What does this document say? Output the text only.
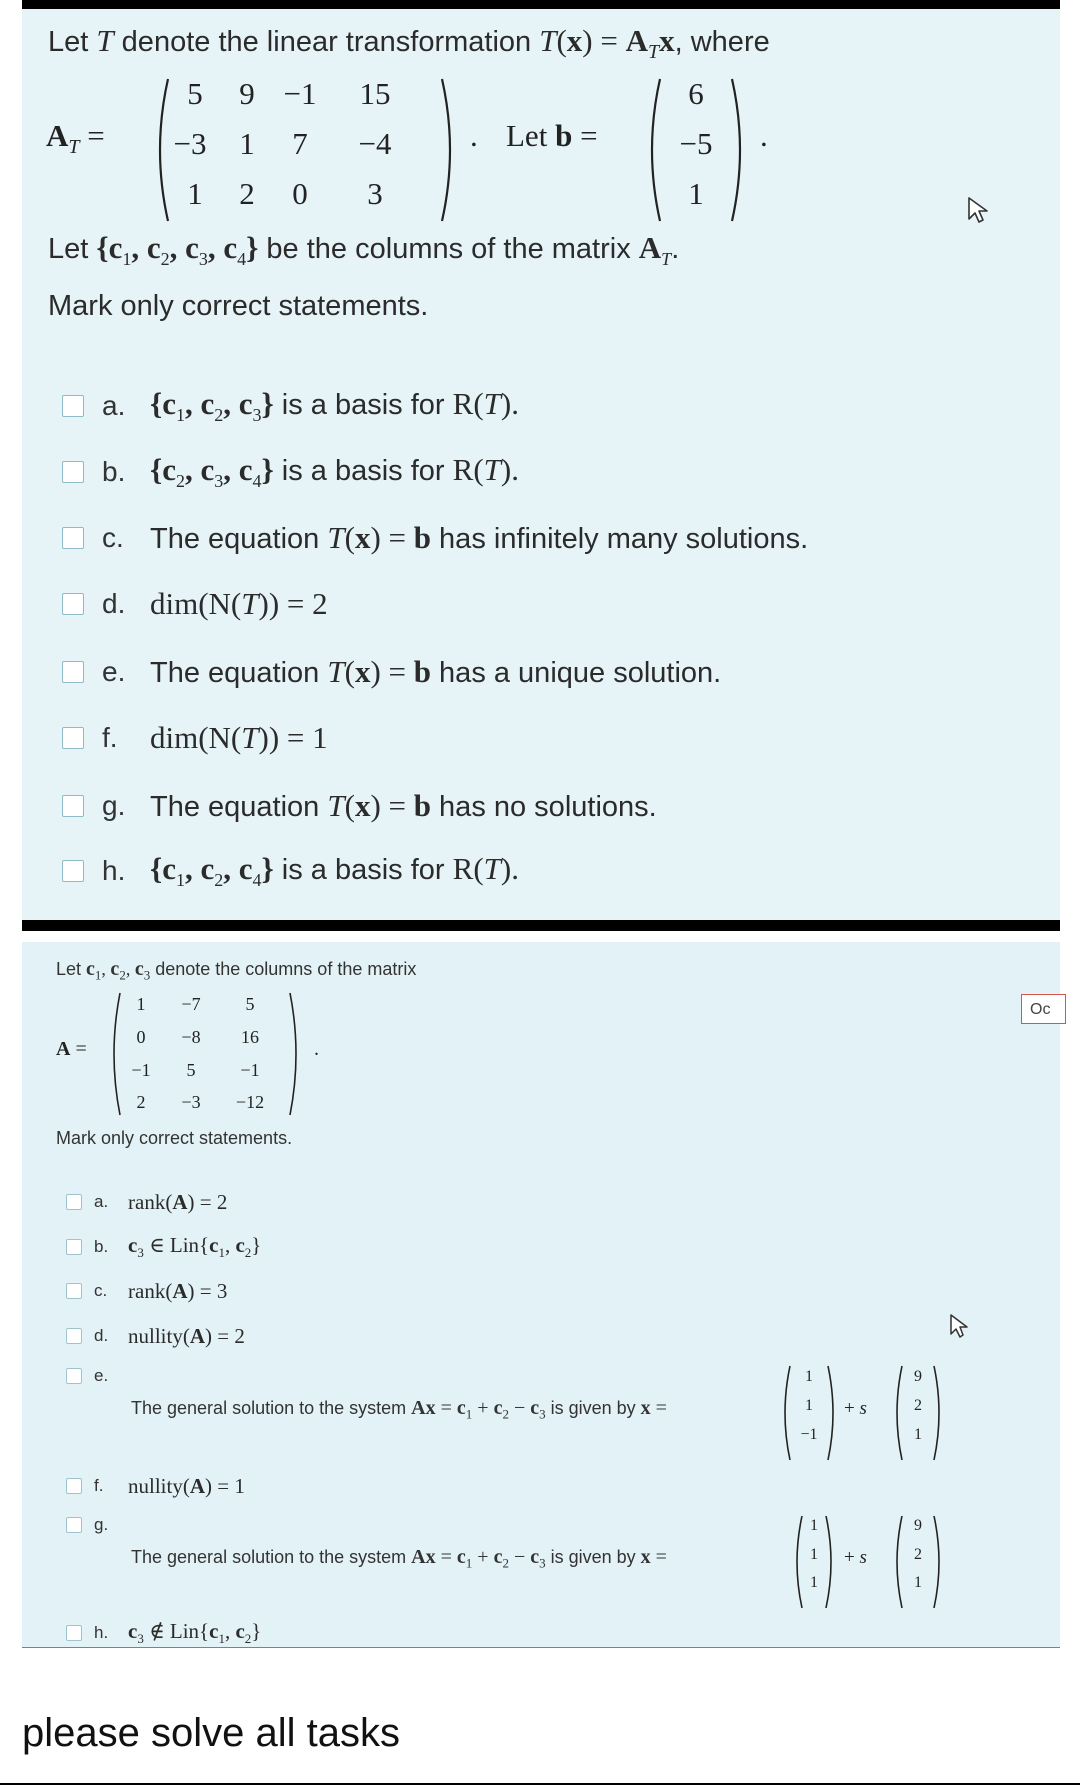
Let T denote the linear transformation $T(x) = A_Tx$, where
$A_T$ =
5	9 −1	15
−3	1	7	−4
1	2	0	3
. Let b =
6
−5
1
.
Let {$c_1$, $c_2$, $c_3$, $c_4$} be the columns of the matrix $A_T$.
Mark only correct statements.
a. {$c_1$, $c_2$, $c_3$} is a basis for R(T).
b. {$c_2$, $c_3$, $c_4$} is a basis for R(T).
c. The equation T(x) = b has infinitely many solutions.
d. dim(N(T)) = 2
e. The equation T(x) = b has a unique solution.
f.	dim(N(T)) = 1
g. The equation T(x) = b has no solutions.
h. {$c_1$, $c_2$, $c_4$} is a basis for R(T).
Let $c_1$, $c_2$, $c_3$ denote the columns of the matrix
A =
1	−7	5
0	−8	16
−1	5	−1
2	−3	−12
.
Mark only correct statements.
a. rank(A) = 2
b. $c_3$ ∈ $Lin\{c_1$, $c_2$}
c. rank(A) = 3
d. nullity(A) = 2
e.
The general solution to the system $Ax = c_1 + c_2 - c_3$ is given by x =
1
1
−1
+ s
9
2
1
f.	nullity(A) = 1
g.
The general solution to the system $Ax = c_1 + c_2 - c_3$ is given by x =
1
1
1
+ s
9
2
1
h. $c_3$ ∉ $Lin\{c_1$, $c_2$}
Oc
please solve all tasks
